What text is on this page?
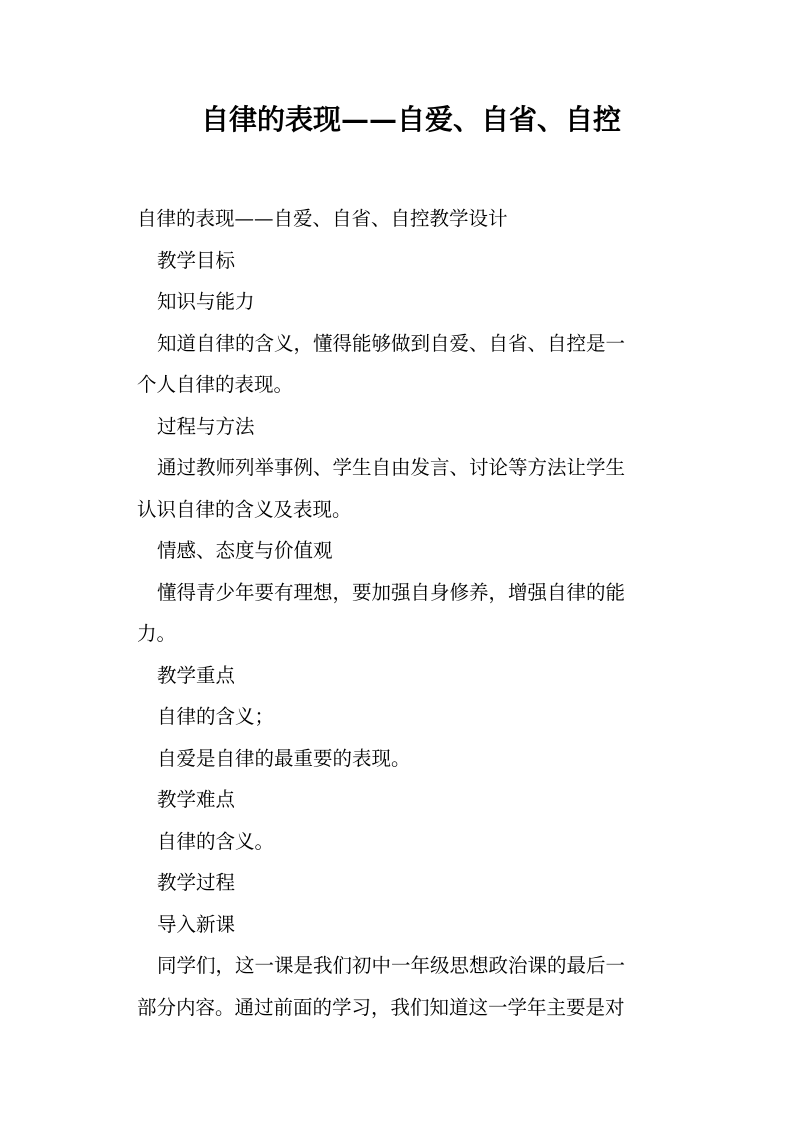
自律的表现——自爱、自省、自控
自律的表现——自爱、自省、自控教学设计
教学目标
知识与能力
知道自律的含义，懂得能够做到自爱、自省、自控是一
个人自律的表现。
过程与方法
通过教师列举事例、学生自由发言、讨论等方法让学生
认识自律的含义及表现。
情感、态度与价值观
懂得青少年要有理想，要加强自身修养，增强自律的能
力。
教学重点
自律的含义；
自爱是自律的最重要的表现。
教学难点
自律的含义。
教学过程
导入新课
同学们，这一课是我们初中一年级思想政治课的最后一
部分内容。通过前面的学习，我们知道这一学年主要是对
